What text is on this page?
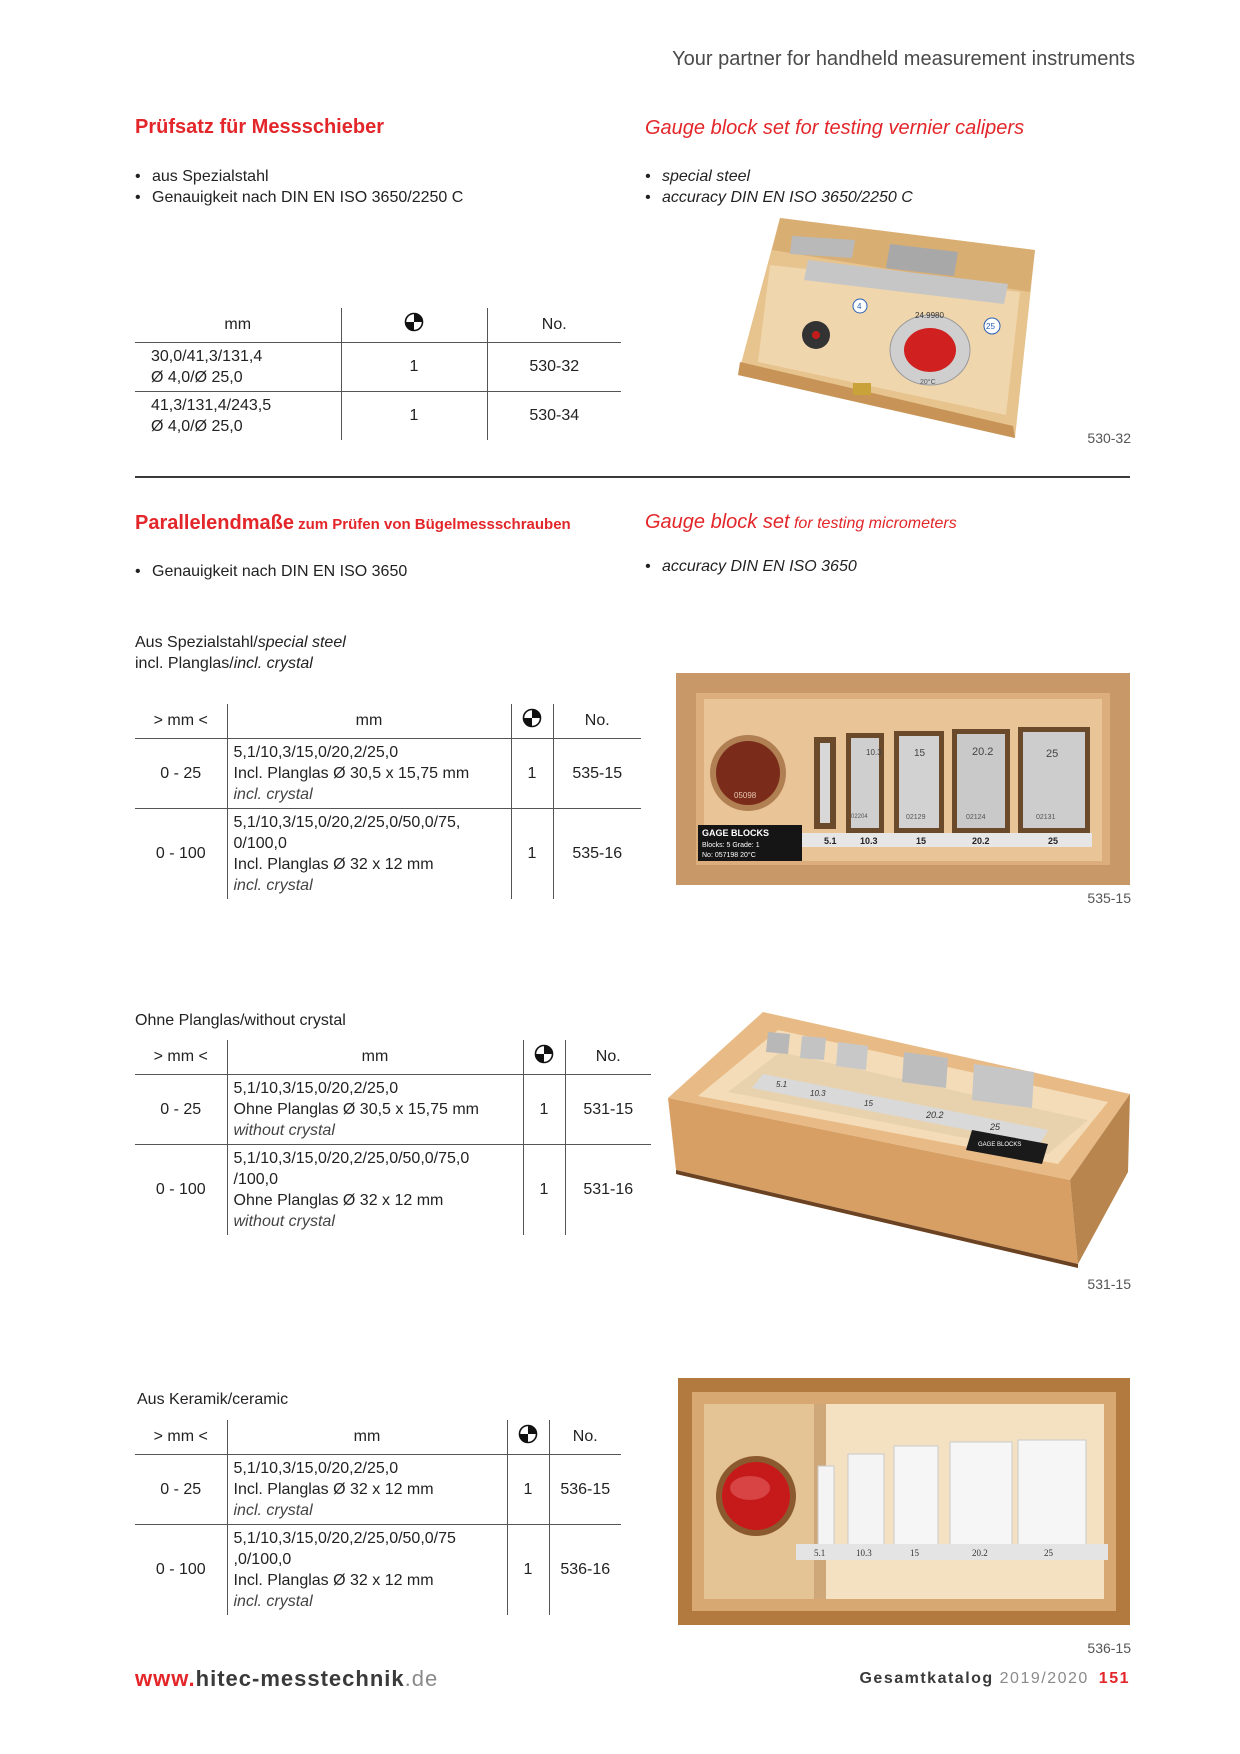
Your partner for handheld measurement instruments
Prüfsatz für Messschieber	Gauge block set for testing vernier calipers
• aus Spezialstahl
• Genauigkeit nach DIN EN ISO 3650/2250 C
• special steel
• accuracy DIN EN ISO 3650/2250 C
mm		No.

30,0/41,3/131,4
Ø 4,0/Ø 25,0	1	530-32

41,3/131,4/243,5
Ø 4,0/Ø 25,0	1	530-34
24.9980
20°C
4
25
530-32
Parallelendmaße zum Prüfen von Bügelmessschrauben	Gauge block set for testing micrometers
• Genauigkeit nach DIN EN ISO 3650	• accuracy DIN EN ISO 3650
Aus Spezialstahl/special steel
incl. Planglas/incl. crystal
> mm <	mm		No.
0 - 25	5,1/10,3/15,0/20,2/25,0
Incl. Planglas Ø 30,5 x 15,75 mm
incl. crystal	1	535-15
0 - 100	5,1/10,3/15,0/20,2/25,0/50,0/75,
0/100,0
Incl. Planglas Ø 32 x 12 mm
incl. crystal	1	535-16
05098
10.3	15	20.2	25
02204	02129	02124	02131
5.1	10.3	15	20.2	25
GAGE BLOCKS
Blocks: 5 Grade: 1
No: 057198 20°C
535-15
Ohne Planglas/without crystal
> mm <	mm		No.
0 - 25	5,1/10,3/15,0/20,2/25,0
Ohne Planglas Ø 30,5 x 15,75 mm
without crystal	1	531-15
0 - 100	5,1/10,3/15,0/20,2/25,0/50,0/75,0
/100,0
Ohne Planglas Ø 32 x 12 mm
without crystal	1	531-16
5.1
10.3
15
20.2
25
GAGE BLOCKS
531-15
Aus Keramik/ceramic
> mm <	mm		No.
0 - 25	5,1/10,3/15,0/20,2/25,0
Incl. Planglas Ø 32 x 12 mm
incl. crystal	1	536-15
0 - 100	5,1/10,3/15,0/20,2/25,0/50,0/75
,0/100,0
Incl. Planglas Ø 32 x 12 mm
incl. crystal	1	536-16
5.1	10.3	15	20.2	25
536-15
www.hitec-messtechnik.de	Gesamtkatalog 2019/2020 151
